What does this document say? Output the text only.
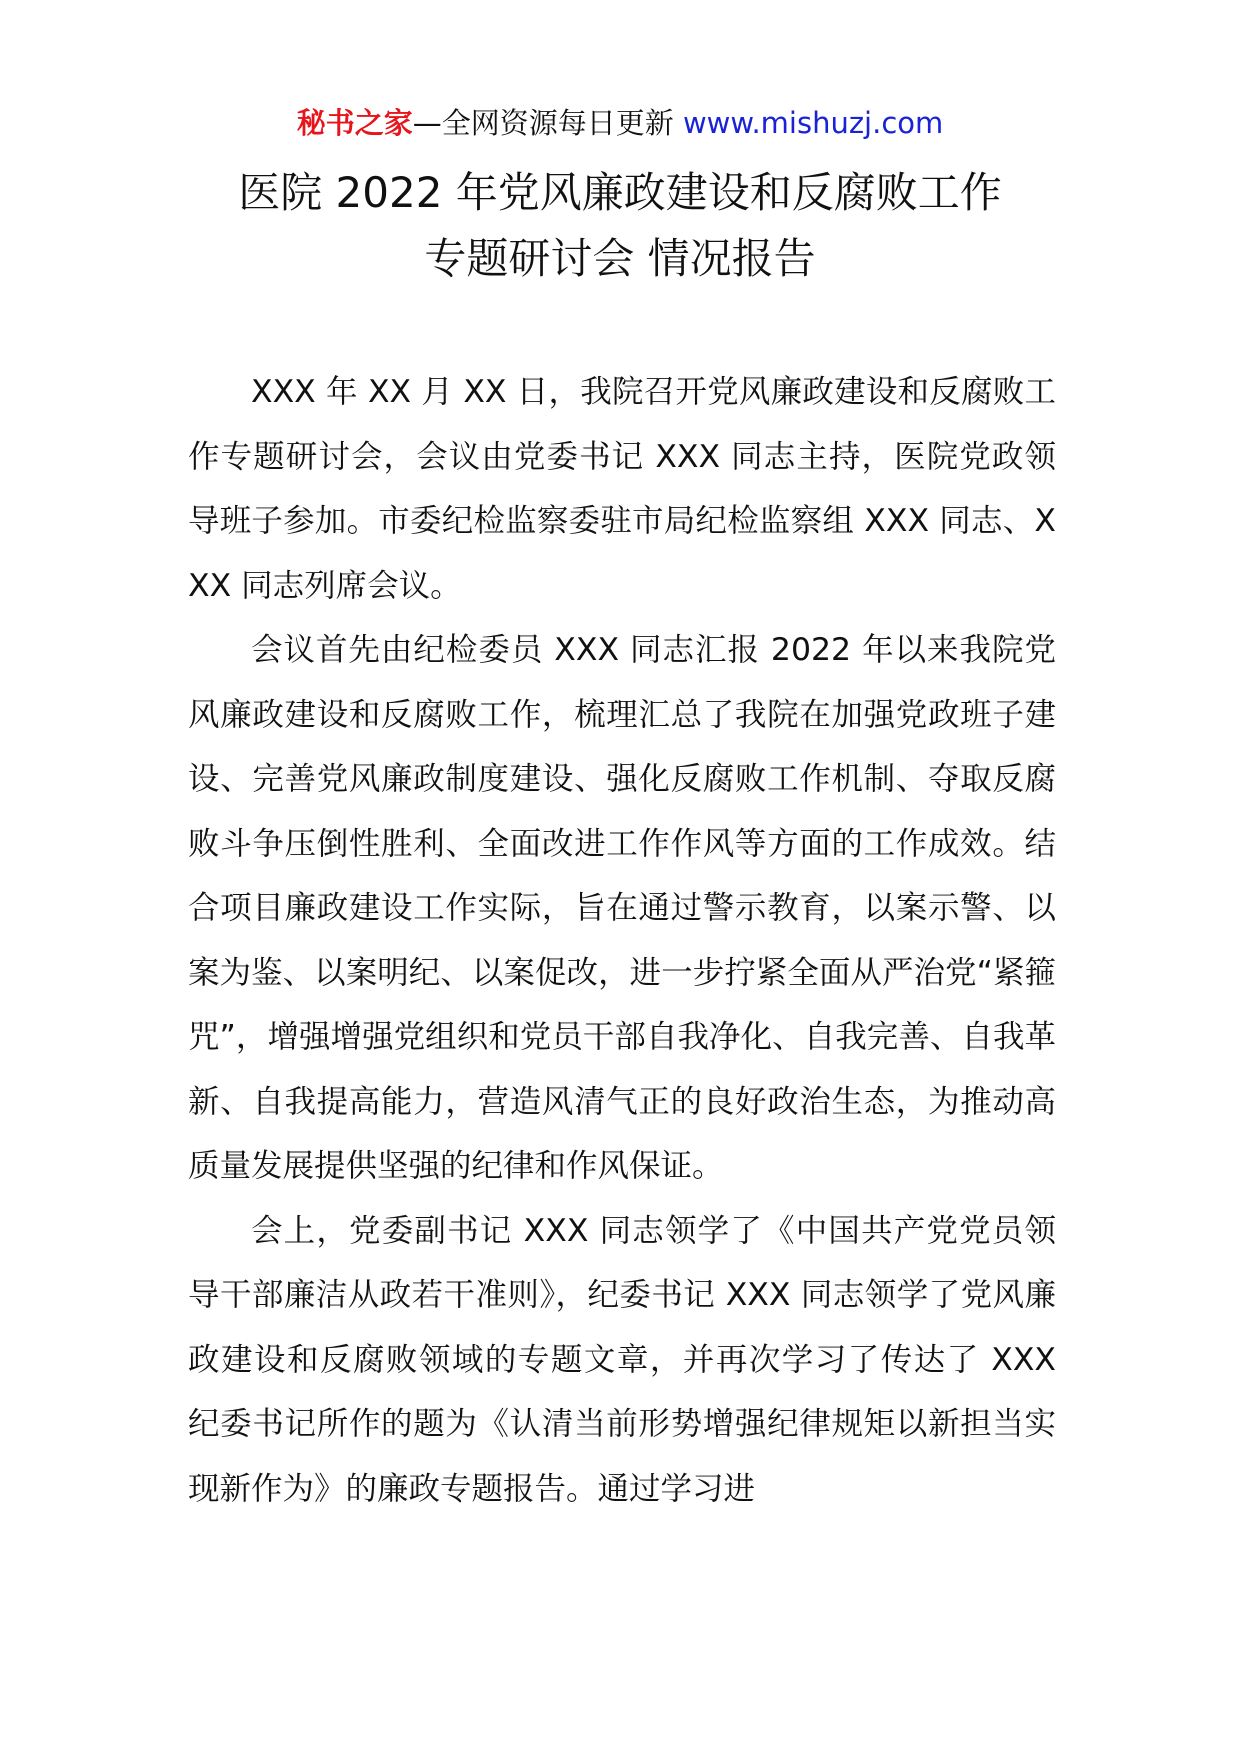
秘书之家—全网资源每日更新 www.mishuzj.com
医院 2022 年党风廉政建设和反腐败工作
专题研讨会 情况报告

XXX 年 XX 月 XX 日，我院召开党风廉政建设和反腐败工作专题研讨会，会议由党委书记 XXX 同志主持，医院党政领导班子参加。市委纪检监察委驻市局纪检监察组 XXX 同志、XXX 同志列席会议。

会议首先由纪检委员 XXX 同志汇报 2022 年以来我院党风廉政建设和反腐败工作，梳理汇总了我院在加强党政班子建设、完善党风廉政制度建设、强化反腐败工作机制、夺取反腐败斗争压倒性胜利、全面改进工作作风等方面的工作成效。结合项目廉政建设工作实际，旨在通过警示教育，以案示警、以案为鉴、以案明纪、以案促改，进一步拧紧全面从严治党“紧箍咒”，增强增强党组织和党员干部自我净化、自我完善、自我革新、自我提高能力，营造风清气正的良好政治生态，为推动高质量发展提供坚强的纪律和作风保证。

会上，党委副书记 XXX 同志领学了《中国共产党党员领导干部廉洁从政若干准则》，纪委书记 XXX 同志领学了党风廉政建设和反腐败领域的专题文章，并再次学习了传达了 XXX 纪委书记所作的题为《认清当前形势增强纪律规矩以新担当实现新作为》的廉政专题报告。通过学习进
